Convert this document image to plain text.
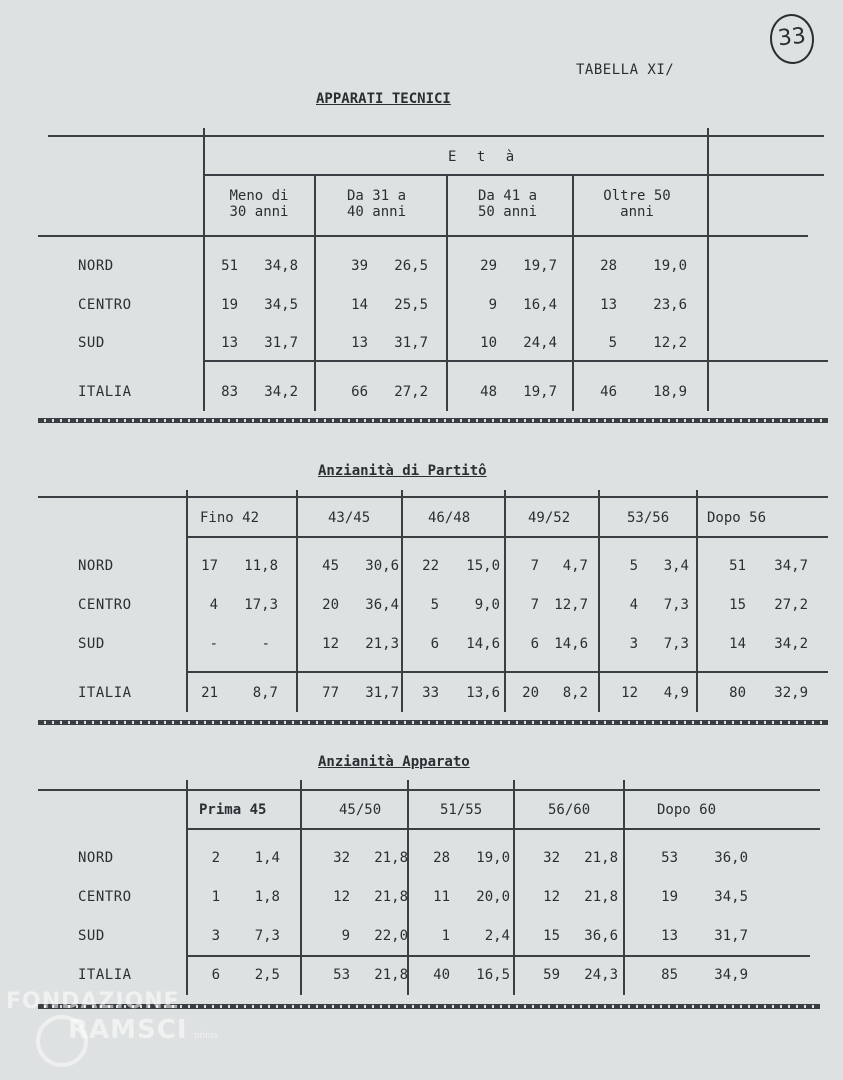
33
TABELLA XI/
APPARATI TECNICI
E t à
Meno di
30 anni
Da 31 a
40 anni
Da 41 a
50 anni
Oltre 50
anni
NORD	51	34,8	39	26,5	29	19,7	28	19,0
CENTRO	19	34,5	14	25,5	9	16,4	13	23,6
SUD	13	31,7	13	31,7	10	24,4	5	12,2
ITALIA	83	34,2	66	27,2	48	19,7	46	18,9
Anzianità di Partitô
Fino 42	43/45	46/48	49/52	53/56	Dopo 56
NORD	17	11,8	45	30,6	22	15,0	7	4,7	5	3,4	51	34,7
CENTRO	4	17,3	20	36,4	5	9,0	7	12,7	4	7,3	15	27,2
SUD	-	-	12	21,3	6	14,6	6	14,6	3	7,3	14	34,2
ITALIA	21	8,7	77	31,7	33	13,6	20	8,2	12	4,9	80	32,9
Anzianità Apparato
Prima 45	45/50	51/55	56/60	Dopo 60
NORD	2	1,4	32	21,8	28	19,0	32	21,8	53	36,0
CENTRO	1	1,8	12	21,8	11	20,0	12	21,8	19	34,5
SUD	3	7,3	9	22,0	1	2,4	15	36,6	13	31,7
ITALIA	6	2,5	53	21,8	40	16,5	59	24,3	85	34,9
FONDAZIONE
RAMSCI onlus
